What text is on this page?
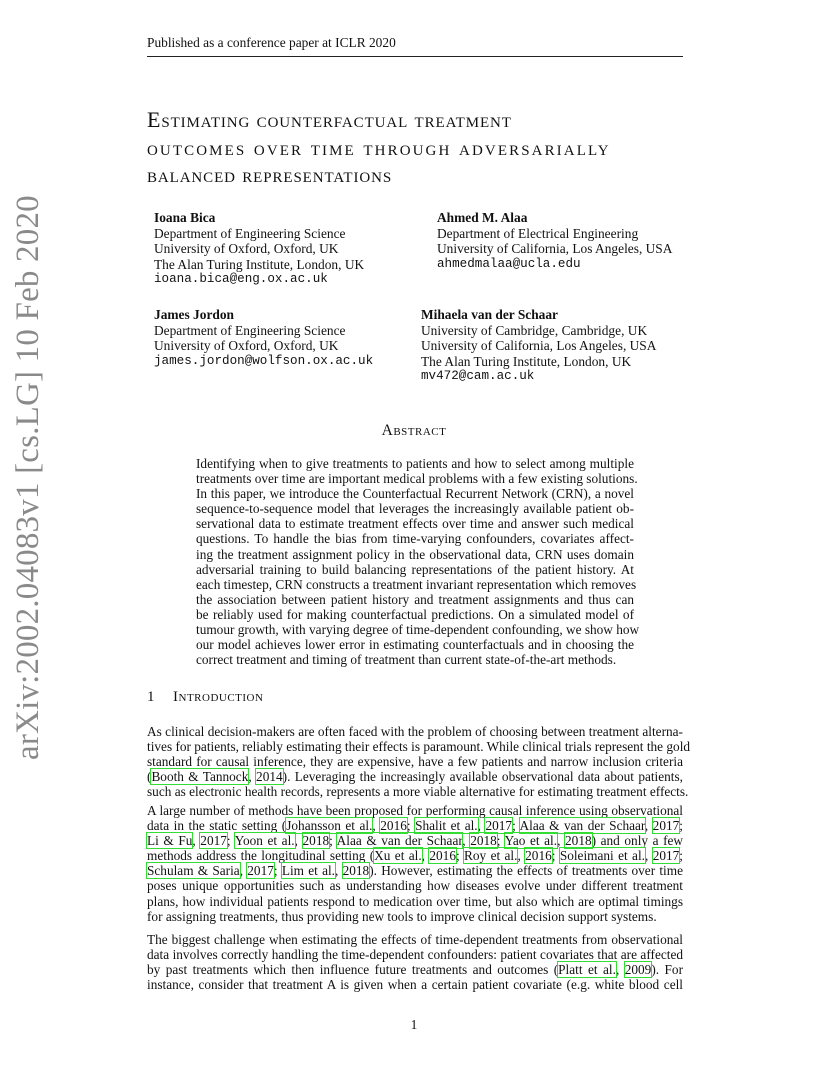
Published as a conference paper at ICLR 2020
arXiv:2002.04083v1 [cs.LG] 10 Feb 2020
Estimating counterfactual treatment
outcomes over time through adversarially
balanced representations
Ioana Bica
Department of Engineering Science
University of Oxford, Oxford, UK
The Alan Turing Institute, London, UK
ioana.bica@eng.ox.ac.uk
Ahmed M. Alaa
Department of Electrical Engineering
University of California, Los Angeles, USA
ahmedmalaa@ucla.edu
James Jordon
Department of Engineering Science
University of Oxford, Oxford, UK
james.jordon@wolfson.ox.ac.uk
Mihaela van der Schaar
University of Cambridge, Cambridge, UK
University of California, Los Angeles, USA
The Alan Turing Institute, London, UK
mv472@cam.ac.uk
Abstract
Identifying when to give treatments to patients and how to select among multiple
treatments over time are important medical problems with a few existing solutions.
In this paper, we introduce the Counterfactual Recurrent Network (CRN), a novel
sequence-to-sequence model that leverages the increasingly available patient ob-
servational data to estimate treatment effects over time and answer such medical
questions. To handle the bias from time-varying confounders, covariates affect-
ing the treatment assignment policy in the observational data, CRN uses domain
adversarial training to build balancing representations of the patient history. At
each timestep, CRN constructs a treatment invariant representation which removes
the association between patient history and treatment assignments and thus can
be reliably used for making counterfactual predictions. On a simulated model of
tumour growth, with varying degree of time-dependent confounding, we show how
our model achieves lower error in estimating counterfactuals and in choosing the
correct treatment and timing of treatment than current state-of-the-art methods.
1 Introduction
As clinical decision-makers are often faced with the problem of choosing between treatment alterna-
tives for patients, reliably estimating their effects is paramount. While clinical trials represent the gold
standard for causal inference, they are expensive, have a few patients and narrow inclusion criteria
(Booth & Tannock, 2014). Leveraging the increasingly available observational data about patients,
such as electronic health records, represents a more viable alternative for estimating treatment effects.
A large number of methods have been proposed for performing causal inference using observational
data in the static setting (Johansson et al., 2016; Shalit et al., 2017; Alaa & van der Schaar, 2017;
Li & Fu, 2017; Yoon et al., 2018; Alaa & van der Schaar, 2018; Yao et al., 2018) and only a few
methods address the longitudinal setting (Xu et al., 2016; Roy et al., 2016; Soleimani et al., 2017;
Schulam & Saria, 2017; Lim et al., 2018). However, estimating the effects of treatments over time
poses unique opportunities such as understanding how diseases evolve under different treatment
plans, how individual patients respond to medication over time, but also which are optimal timings
for assigning treatments, thus providing new tools to improve clinical decision support systems.
The biggest challenge when estimating the effects of time-dependent treatments from observational
data involves correctly handling the time-dependent confounders: patient covariates that are affected
by past treatments which then influence future treatments and outcomes (Platt et al., 2009). For
instance, consider that treatment A is given when a certain patient covariate (e.g. white blood cell
1
